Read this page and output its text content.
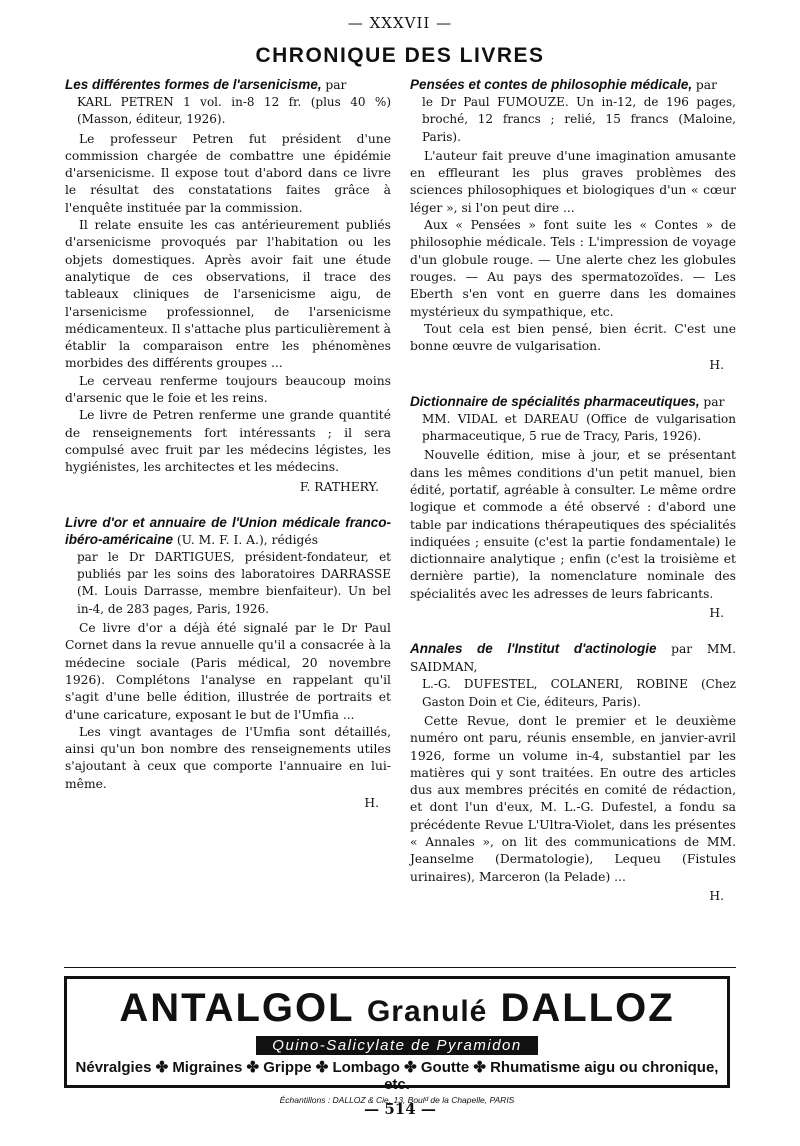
— XXXVII —
CHRONIQUE DES LIVRES
Les différentes formes de l'arsenicisme, par

KARL PETREN 1 vol. in-8 12 fr. (plus 40 %) (Masson, éditeur, 1926).

Le professeur Petren fut président d'une commission chargée de combattre une épidémie d'arsenicisme. Il expose tout d'abord dans ce livre le résultat des constatations faites grâce à l'enquête instituée par la commission.

Il relate ensuite les cas antérieurement publiés d'arsenicisme provoqués par l'habitation ou les objets domestiques. Après avoir fait une étude analytique de ces observations, il trace des tableaux cliniques de l'arsenicisme aigu, de l'arsenicisme professionnel, de l'arsenicisme médicamenteux. Il s'attache plus particulièrement à établir la comparaison entre les phénomènes morbides des différents groupes ...

Le cerveau renferme toujours beaucoup moins d'arsenic que le foie et les reins.

Le livre de Petren renferme une grande quantité de renseignements fort intéressants ; il sera compulsé avec fruit par les médecins légistes, les hygiénistes, les architectes et les médecins.

F. RATHERY.
Livre d'or et annuaire de l'Union médicale franco-ibéro-américaine (U. M. F. I. A.), rédigés

par le Dr DARTIGUES, président-fondateur, et publiés par les soins des laboratoires DARRASSE (M. Louis Darrasse, membre bienfaiteur). Un bel in-4, de 283 pages, Paris, 1926.

Ce livre d'or a déjà été signalé par le Dr Paul Cornet dans la revue annuelle qu'il a consacrée à la médecine sociale (Paris médical, 20 novembre 1926). Complétons l'analyse en rappelant qu'il s'agit d'une belle édition, illustrée de portraits et d'une caricature, exposant le but de l'Umfia ...

Les vingt avantages de l'Umfia sont détaillés, ainsi qu'un bon nombre des renseignements utiles s'ajoutant à ceux que comporte l'annuaire en lui-même.

H.
Pensées et contes de philosophie médicale, par

le Dr Paul FUMOUZE. Un in-12, de 196 pages, broché, 12 francs ; relié, 15 francs (Maloine, Paris).

L'auteur fait preuve d'une imagination amusante en effleurant les plus graves problèmes des sciences philosophiques et biologiques d'un « cœur léger », si l'on peut dire ...

Aux « Pensées » font suite les « Contes » de philosophie médicale. Tels : L'impression de voyage d'un globule rouge. — Une alerte chez les globules rouges. — Au pays des spermatozoïdes. — Les Eberth s'en vont en guerre dans les domaines mystérieux du sympathique, etc.

Tout cela est bien pensé, bien écrit. C'est une bonne œuvre de vulgarisation.

H.
Dictionnaire de spécialités pharmaceutiques, par

MM. VIDAL et DAREAU (Office de vulgarisation pharmaceutique, 5 rue de Tracy, Paris, 1926).

Nouvelle édition, mise à jour, et se présentant dans les mêmes conditions d'un petit manuel, bien édité, portatif, agréable à consulter. Le même ordre logique et commode a été observé : d'abord une table par indications thérapeutiques des spécialités indiquées ; ensuite (c'est la partie fondamentale) le dictionnaire analytique ; enfin (c'est la troisième et dernière partie), la nomenclature nominale des spécialités avec les adresses de leurs fabricants.

H.
Annales de l'Institut d'actinologie par MM. SAIDMAN,

L.-G. DUFESTEL, COLANERI, ROBINE (Chez Gaston Doin et Cie, éditeurs, Paris).

Cette Revue, dont le premier et le deuxième numéro ont paru, réunis ensemble, en janvier-avril 1926, forme un volume in-4, substantiel par les matières qui y sont traitées. En outre des articles dus aux membres précités en comité de rédaction, et dont l'un d'eux, M. L.-G. Dufestel, a fondu sa précédente Revue L'Ultra-Violet, dans les présentes « Annales », on lit des communications de MM. Jeanselme (Dermatologie), Lequeu (Fistules urinaires), Marceron (la Pelade) ...

H.
ANTALGOL Granulé DALLOZ
Quino-Salicylate de Pyramidon
Névralgies ✤ Migraines ✤ Grippe ✤ Lombago ✤ Goutte ✤ Rhumatisme aigu ou chronique, etc.
Échantillons : DALLOZ & Cie, 13, Boulᵈ de la Chapelle, PARIS
— 514 —
